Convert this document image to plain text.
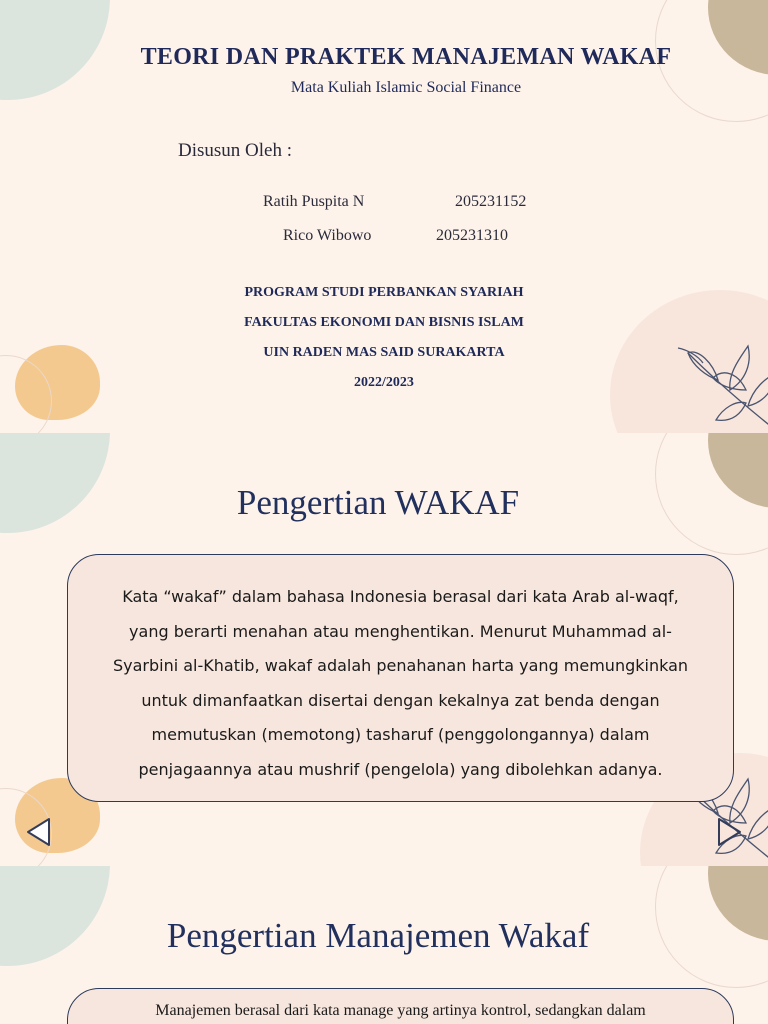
TEORI DAN PRAKTEK MANAJEMAN WAKAF
Mata Kuliah Islamic Social Finance
Disusun Oleh :
Ratih Puspita N	205231152
Rico Wibowo	205231310
PROGRAM STUDI PERBANKAN SYARIAH
FAKULTAS EKONOMI DAN BISNIS ISLAM
UIN RADEN MAS SAID SURAKARTA
2022/2023
Pengertian WAKAF
Kata “wakaf” dalam bahasa Indonesia berasal dari kata Arab al-waqf,
yang berarti menahan atau menghentikan. Menurut Muhammad al-
Syarbini al-Khatib, wakaf adalah penahanan harta yang memungkinkan
untuk dimanfaatkan disertai dengan kekalnya zat benda dengan
memutuskan (memotong) tasharuf (penggolongannya) dalam
penjagaannya atau mushrif (pengelola) yang dibolehkan adanya.
Pengertian Manajemen Wakaf
Manajemen berasal dari kata manage yang artinya kontrol, sedangkan dalam
